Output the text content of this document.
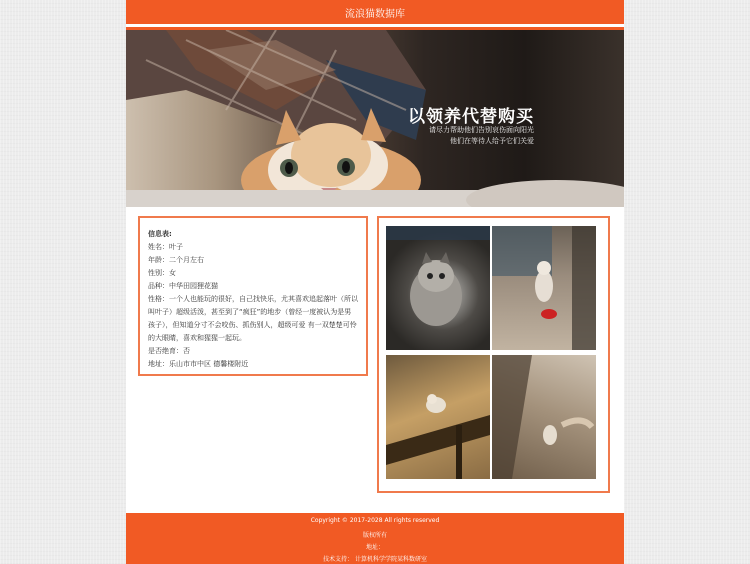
流浪猫数据库
以领养代替购买
请尽力帮助他们告别哀伤面向阳光
他们在等待人给予它们关爱
信息表:
姓名：叶子
年龄：二个月左右
性别：女
品种：中华田园狸花猫
性格：一个人也能玩的很好，自己找快乐，尤其喜欢追起落叶（所以叫叶子）超级活泼，甚至到了“疯狂”的地步（曾经一度被认为是男孩子），但知道分寸不会咬伤、抓伤别人，超级可爱 有一双楚楚可怜的大眼睛，喜欢和猩猩一起玩。
是否绝育：否
地址：乐山市市中区 德馨楼附近
Copyright © 2017-2028 All rights reserved
版权所有
地址：
技术支持： 计算机科学学院某科数研室
